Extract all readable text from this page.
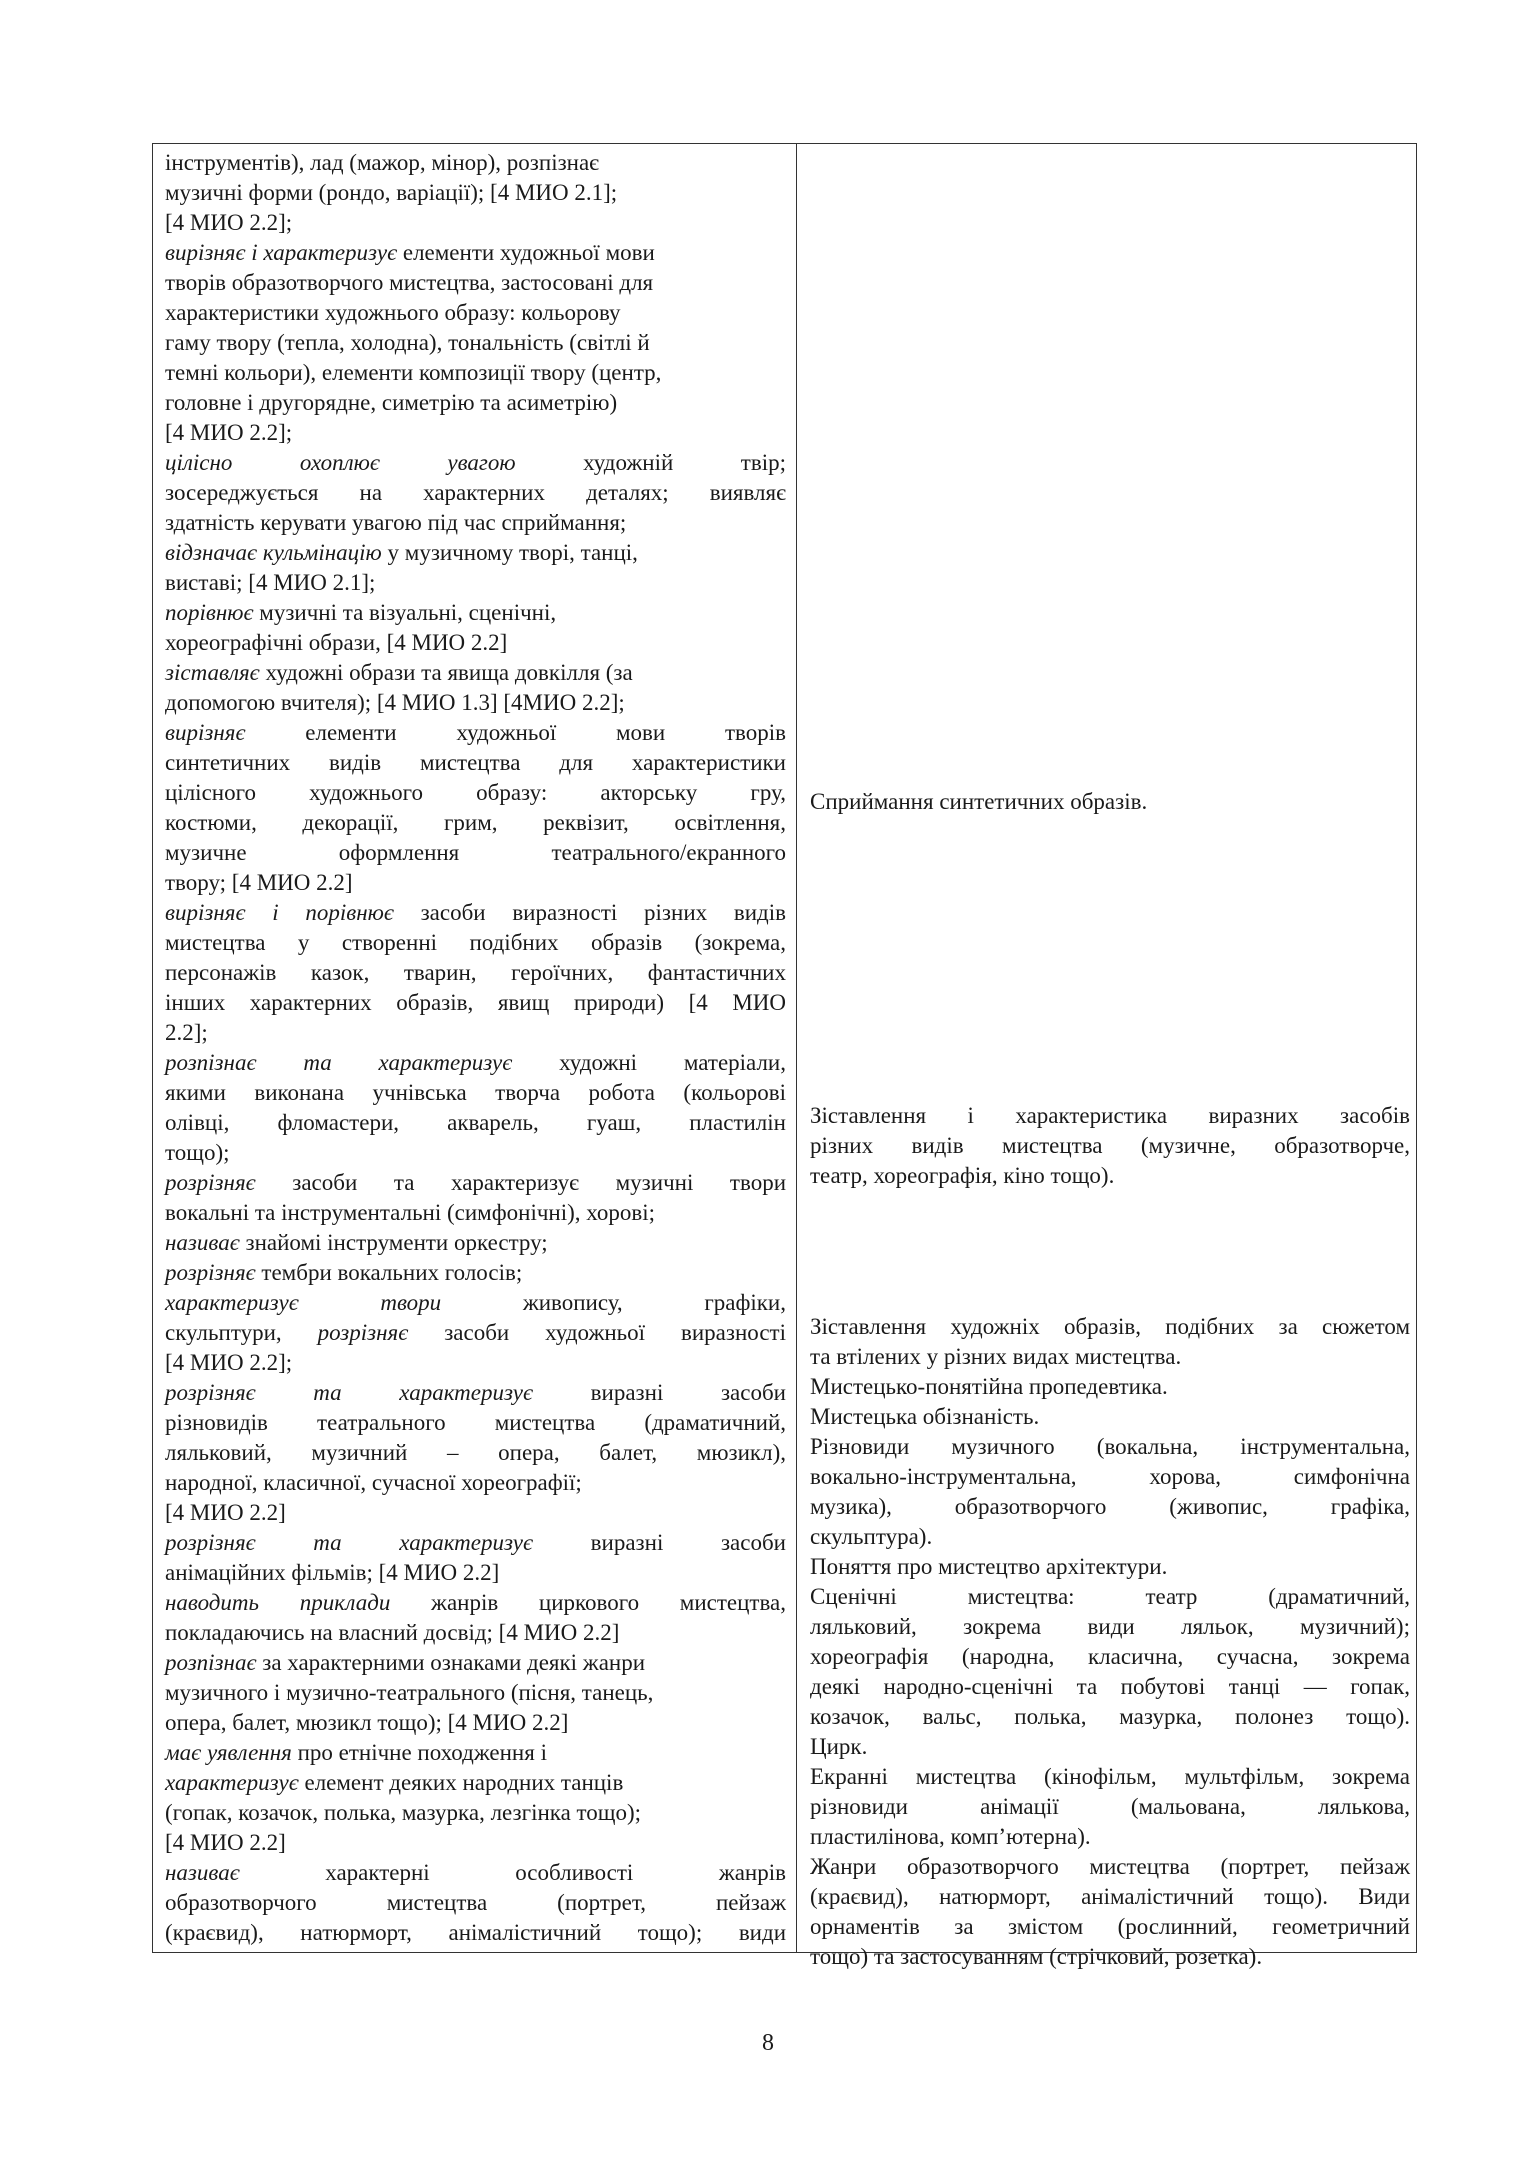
інструментів), лад (мажор, мінор), розпізнає
музичні форми (рондо, варіації); [4 МИО 2.1];
[4 МИО 2.2];
вирізняє і характеризує елементи художньої мови
творів образотворчого мистецтва, застосовані для
характеристики художнього образу: кольорову
гаму твору (тепла, холодна), тональність (світлі й
темні кольори), елементи композиції твору (центр,
головне і другорядне, симетрію та асиметрію)
[4 МИО 2.2];
цілісно охоплює увагою художній твір;
зосереджується на характерних деталях; виявляє
здатність керувати увагою під час сприймання;
відзначає кульмінацію у музичному творі, танці,
виставі; [4 МИО 2.1];
порівнює музичні та візуальні, сценічні,
хореографічні образи, [4 МИО 2.2]
зіставляє художні образи та явища довкілля (за
допомогою вчителя); [4 МИО 1.3] [4МИО 2.2];
вирізняє елементи художньої мови творів
синтетичних видів мистецтва для характеристики
цілісного художнього образу: акторську гру,
костюми, декорації, грим, реквізит, освітлення,
музичне оформлення театрального/екранного
твору; [4 МИО 2.2]
вирізняє і порівнює засоби виразності різних видів
мистецтва у створенні подібних образів (зокрема,
персонажів казок, тварин, героїчних, фантастичних
інших характерних образів, явищ природи) [4 МИО
2.2];
розпізнає та характеризує художні матеріали,
якими виконана учнівська творча робота (кольорові
олівці, фломастери, акварель, гуаш, пластилін
тощо);
розрізняє засоби та характеризує музичні твори
вокальні та інструментальні (симфонічні), хорові;
називає знайомі інструменти оркестру;
розрізняє тембри вокальних голосів;
характеризує твори живопису, графіки,
скульптури, розрізняє засоби художньої виразності
[4 МИО 2.2];
розрізняє та характеризує виразні засоби
різновидів театрального мистецтва (драматичний,
ляльковий, музичний – опера, балет, мюзикл),
народної, класичної, сучасної хореографії;
[4 МИО 2.2]
розрізняє та характеризує виразні засоби
анімаційних фільмів; [4 МИО 2.2]
наводить приклади жанрів циркового мистецтва,
покладаючись на власний досвід; [4 МИО 2.2]
розпізнає за характерними ознаками деякі жанри
музичного і музично-театрального (пісня, танець,
опера, балет, мюзикл тощо); [4 МИО 2.2]
має уявлення про етнічне походження і
характеризує елемент деяких народних танців
(гопак, козачок, полька, мазурка, лезгінка тощо);
[4 МИО 2.2]
називає характерні особливості жанрів
образотворчого мистецтва (портрет, пейзаж
(краєвид), натюрморт, анімалістичний тощо); види

Сприймання синтетичних образів.
Зіставлення і характеристика виразних засобів
різних видів мистецтва (музичне, образотворче,
театр, хореографія, кіно тощо).
Зіставлення художніх образів, подібних за сюжетом
та втілених у різних видах мистецтва.
Мистецько-понятійна пропедевтика.
Мистецька обізнаність.
Різновиди музичного (вокальна, інструментальна,
вокально-інструментальна, хорова, симфонічна
музика), образотворчого (живопис, графіка,
скульптура).
Поняття про мистецтво архітектури.
Сценічні мистецтва: театр (драматичний,
ляльковий, зокрема види ляльок, музичний);
хореографія (народна, класична, сучасна, зокрема
деякі народно-сценічні та побутові танці — гопак,
козачок, вальс, полька, мазурка, полонез тощо).
Цирк.
Екранні мистецтва (кінофільм, мультфільм, зокрема
різновиди анімації (мальована, лялькова,
пластилінова, комп’ютерна).
Жанри образотворчого мистецтва (портрет, пейзаж
(краєвид), натюрморт, анімалістичний тощо). Види
орнаментів за змістом (рослинний, геометричний
тощо) та застосуванням (стрічковий, розетка).
8
